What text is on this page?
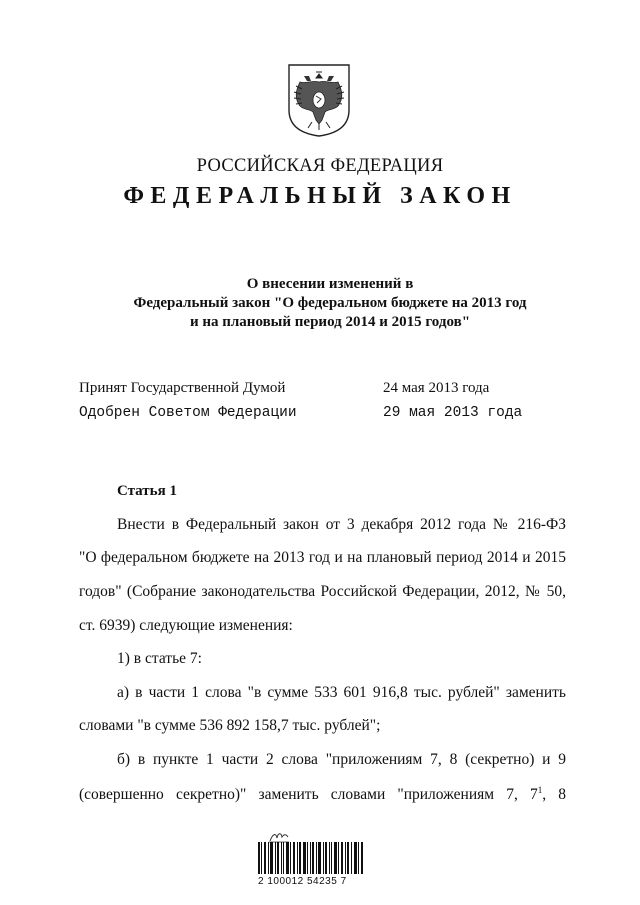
РОССИЙСКАЯ ФЕДЕРАЦИЯ
ФЕДЕРАЛЬНЫЙ ЗАКОН
О внесении изменений в
Федеральный закон "О федеральном бюджете на 2013 год
и на плановый период 2014 и 2015 годов"
Принят Государственной Думой	24 мая 2013 года
Одобрен Советом Федерации	29 мая 2013 года
Статья 1
Внести в Федеральный закон от 3 декабря 2012 года № 216-ФЗ
"О федеральном бюджете на 2013 год и на плановый период 2014 и 2015
годов" (Собрание законодательства Российской Федерации, 2012, № 50,
ст. 6939) следующие изменения:
1) в статье 7:
а) в части 1 слова "в сумме 533 601 916,8 тыс. рублей" заменить
словами "в сумме 536 892 158,7 тыс. рублей";
б) в пункте 1 части 2 слова "приложениям 7, 8 (секретно) и 9
(совершенно секретно)" заменить словами "приложениям 7, 7$^1$, 8
2 100012 54235 7
